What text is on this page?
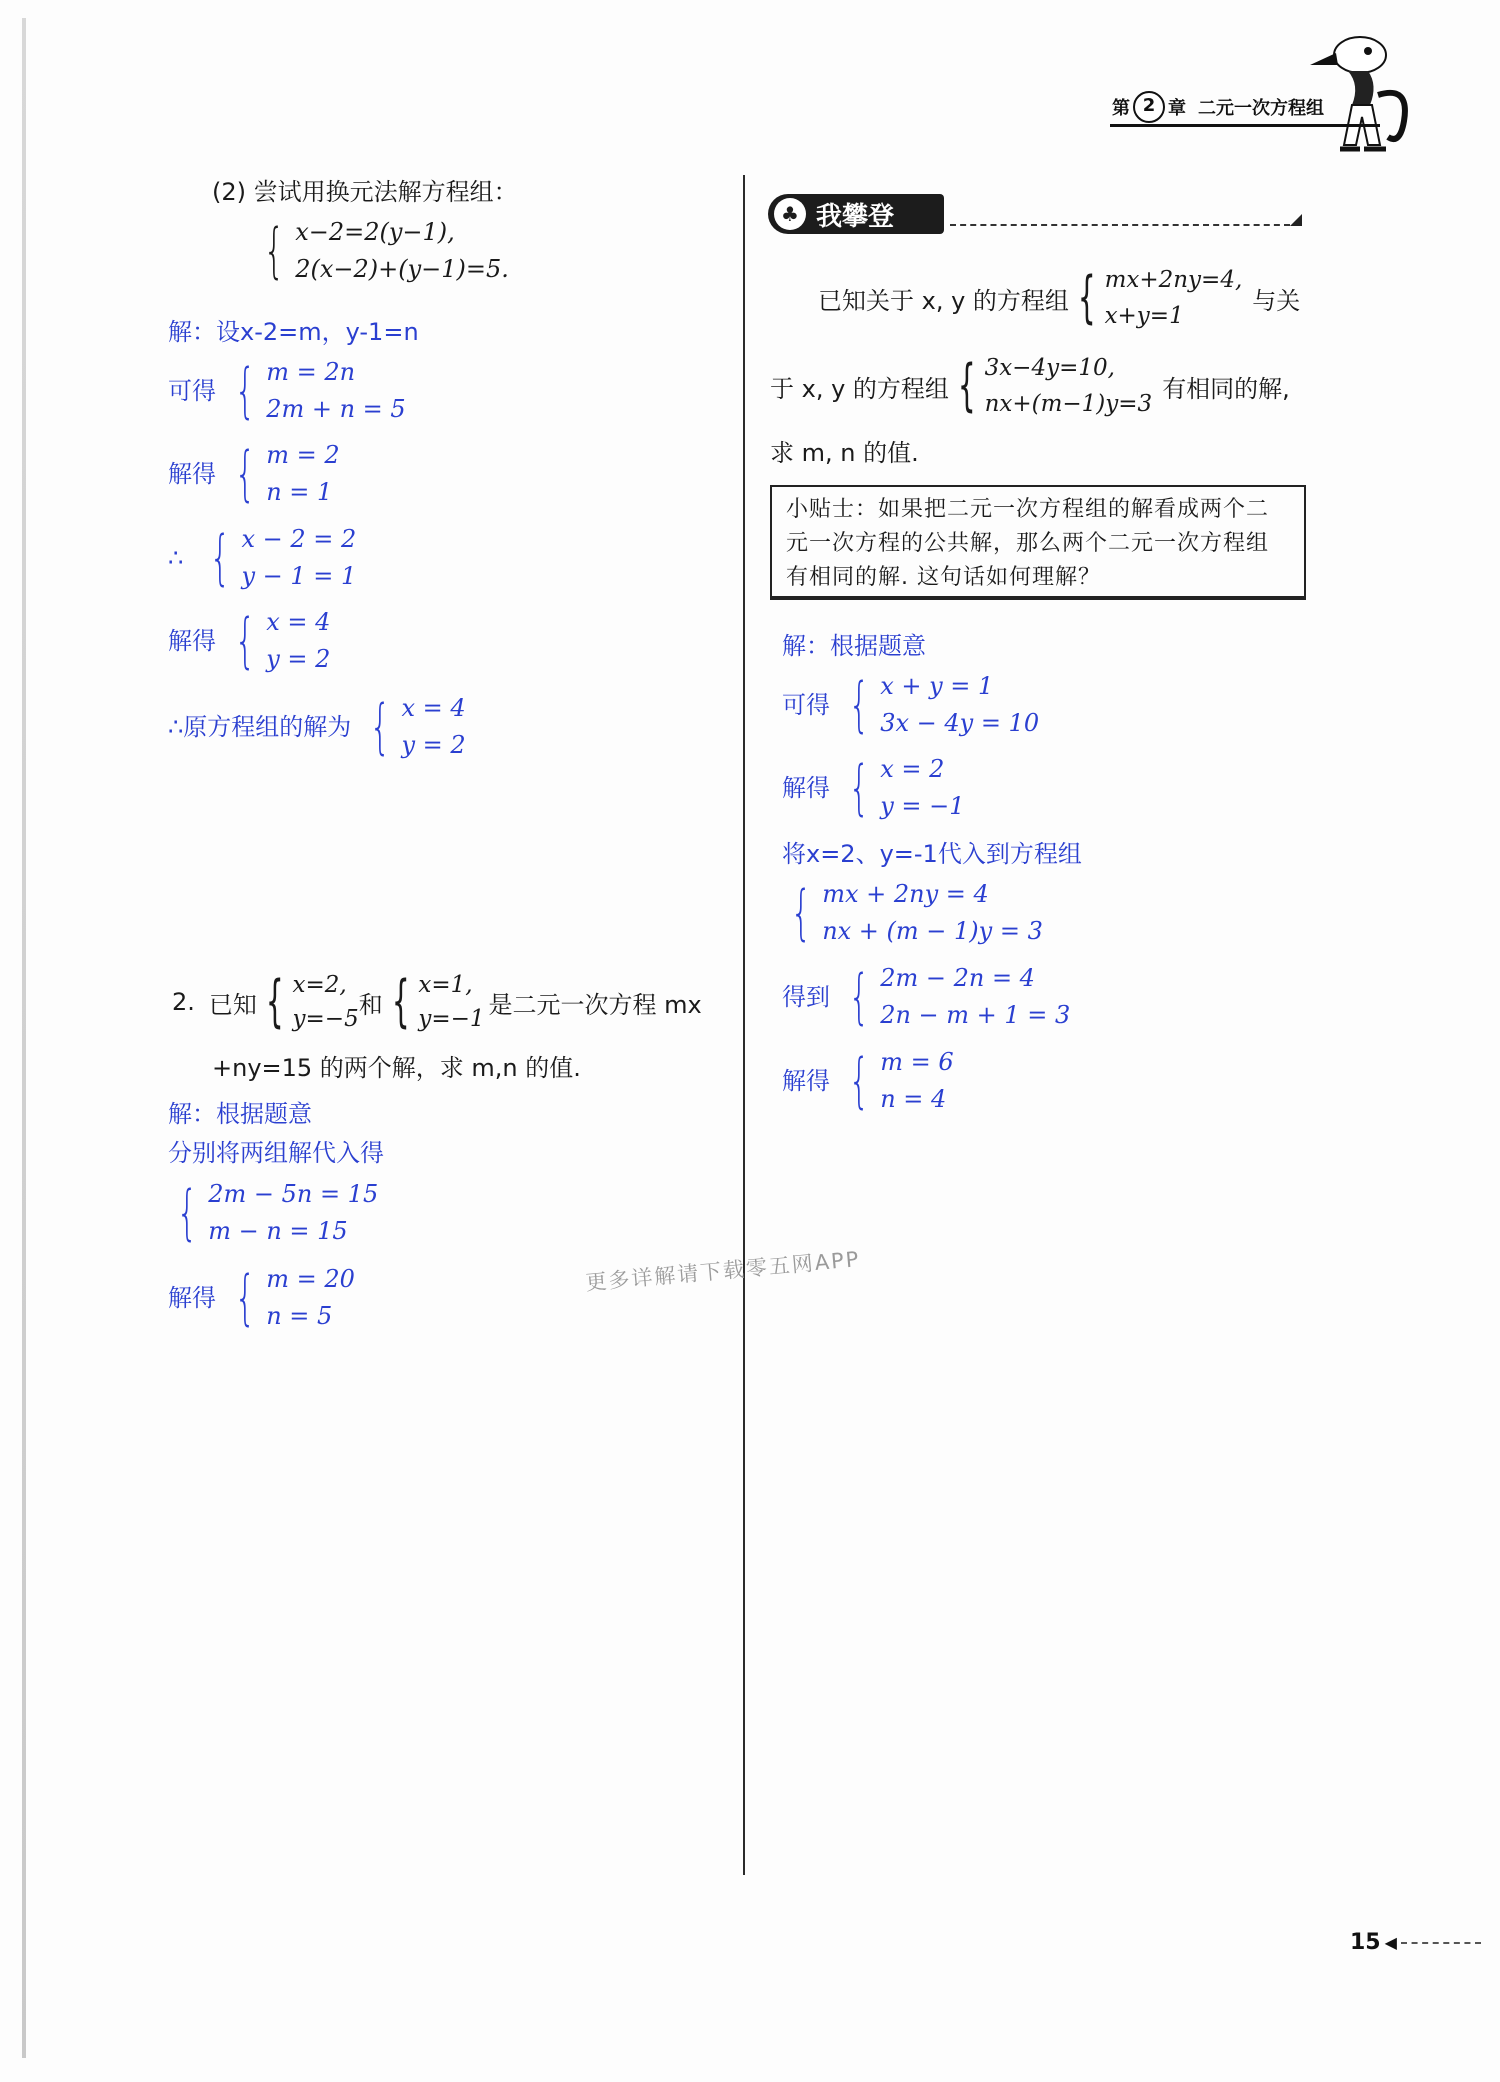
第 2 章 二元一次方程组
(2) 尝试用换元法解方程组：
{ x−2=2(y−1),
2(x−2)+(y−1)=5.
解：设x-2=m，y-1=n
可得 { m = 2n
2m + n = 5
解得 { m = 2
n = 1
∴ { x − 2 = 2
y − 1 = 1
解得 { x = 4
y = 2
∴原方程组的解为 { x = 4
y = 2
2. 已知 { x=2,
y=−5
和 { x=1,
y=−1
是二元一次方程 mx
+ny=15 的两个解，求 m,n 的值.
解：根据题意
分别将两组解代入得
{ 2m − 5n = 15
m − n = 15
解得 { m = 20
n = 5
♣ 我攀登
已知关于 x, y 的方程组 { mx+2ny=4,
x+y=1
与关
于 x, y 的方程组 { 3x−4y=10,
nx+(m−1)y=3
有相同的解,
求 m, n 的值.
小贴士：如果把二元一次方程组的解看成两个二元一次方程的公共解，那么两个二元一次方程组有相同的解. 这句话如何理解？
解：根据题意
可得 { x + y = 1
3x − 4y = 10
解得 { x = 2
y = −1
将x=2、y=-1代入到方程组
{ mx + 2ny = 4
nx + (m − 1)y = 3
得到 { 2m − 2n = 4
2n − m + 1 = 3
解得 { m = 6
n = 4
更多详解请下载零五网APP
15 ◀
